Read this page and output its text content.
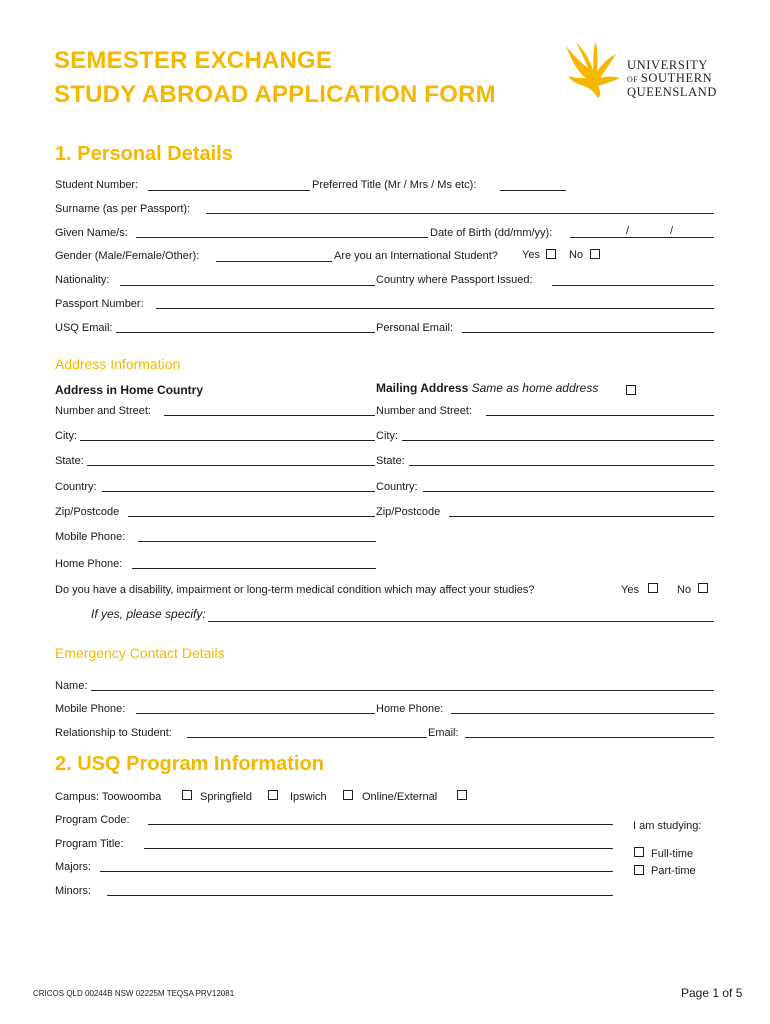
SEMESTER EXCHANGE
STUDY ABROAD APPLICATION FORM
UNIVERSITY
OF SOUTHERN
QUEENSLAND
1. Personal Details
Student Number:	Preferred Title (Mr / Mrs / Ms etc):
Surname (as per Passport):
Given Name/s:	Date of Birth (dd/mm/yy):	/	/
Gender (Male/Female/Other):	Are you an International Student? Yes	No
Nationality:	Country where Passport Issued:
Passport Number:
USQ Email:	Personal Email:
Address Information
Address in Home Country	Mailing Address Same as home address
Number and Street:	Number and Street:
City:	City:
State:	State:
Country:	Country:
Zip/Postcode	Zip/Postcode
Mobile Phone:
Home Phone:
Do you have a disability, impairment or long-term medical condition which may affect your studies?	Yes	No
If yes, please specify:
Emergency Contact Details
Name:
Mobile Phone:	Home Phone:
Relationship to Student:	Email:
2. USQ Program Information
Campus: Toowoomba	Springfield	Ipswich	Online/External
Program Code:
Program Title:
Majors:
Minors:
I am studying:
Full-time
Part-time
CRICOS QLD 00244B NSW 02225M TEQSA PRV12081	Page 1 of 5
